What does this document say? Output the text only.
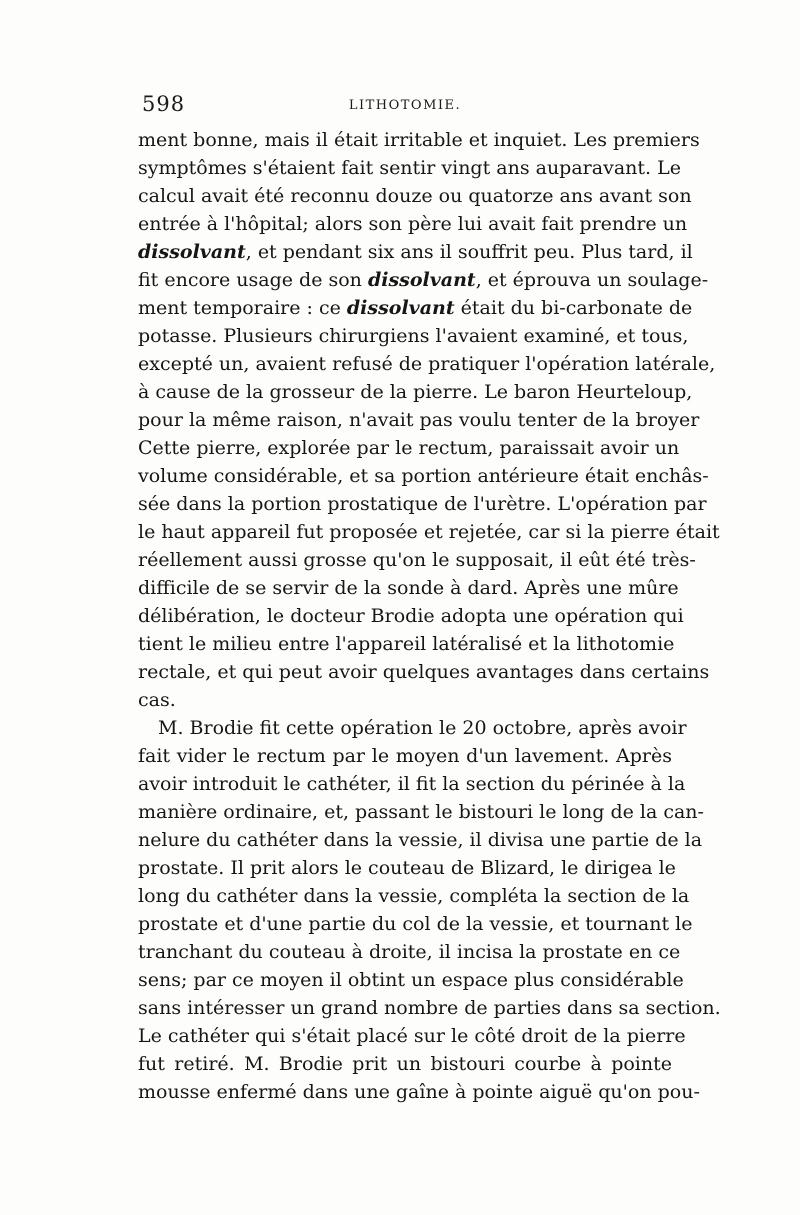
598	LITHOTOMIE.
ment bonne, mais il était irritable et inquiet. Les premiers
symptômes s'étaient fait sentir vingt ans auparavant. Le
calcul avait été reconnu douze ou quatorze ans avant son
entrée à l'hôpital; alors son père lui avait fait prendre un
dissolvant, et pendant six ans il souffrit peu. Plus tard, il
fit encore usage de son dissolvant, et éprouva un soulage-
ment temporaire : ce dissolvant était du bi-carbonate de
potasse. Plusieurs chirurgiens l'avaient examiné, et tous,
excepté un, avaient refusé de pratiquer l'opération latérale,
à cause de la grosseur de la pierre. Le baron Heurteloup,
pour la même raison, n'avait pas voulu tenter de la broyer
Cette pierre, explorée par le rectum, paraissait avoir un
volume considérable, et sa portion antérieure était enchâs-
sée dans la portion prostatique de l'urètre. L'opération par
le haut appareil fut proposée et rejetée, car si la pierre était
réellement aussi grosse qu'on le supposait, il eût été très-
difficile de se servir de la sonde à dard. Après une mûre
délibération, le docteur Brodie adopta une opération qui
tient le milieu entre l'appareil latéralisé et la lithotomie
rectale, et qui peut avoir quelques avantages dans certains
cas.
M. Brodie fit cette opération le 20 octobre, après avoir
fait vider le rectum par le moyen d'un lavement. Après
avoir introduit le cathéter, il fit la section du périnée à la
manière ordinaire, et, passant le bistouri le long de la can-
nelure du cathéter dans la vessie, il divisa une partie de la
prostate. Il prit alors le couteau de Blizard, le dirigea le
long du cathéter dans la vessie, compléta la section de la
prostate et d'une partie du col de la vessie, et tournant le
tranchant du couteau à droite, il incisa la prostate en ce
sens; par ce moyen il obtint un espace plus considérable
sans intéresser un grand nombre de parties dans sa section.
Le cathéter qui s'était placé sur le côté droit de la pierre
fut retiré. M. Brodie prit un bistouri courbe à pointe
mousse enfermé dans une gaîne à pointe aiguë qu'on pou-
